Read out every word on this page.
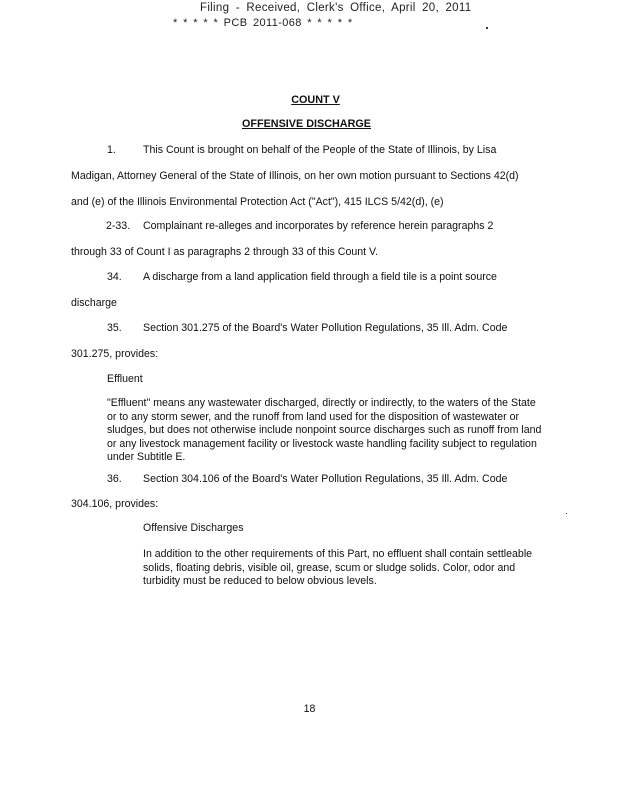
Filing - Received, Clerk's Office, April 20, 2011
* * * * * PCB 2011-068 * * * * *
COUNT V
OFFENSIVE DISCHARGE
1.	This Count is brought on behalf of the People of the State of Illinois, by Lisa
Madigan, Attorney General of the State of Illinois, on her own motion pursuant to Sections 42(d)
and (e) of the Illinois Environmental Protection Act ("Act"), 415 ILCS 5/42(d), (e)
2-33. Complainant re-alleges and incorporates by reference herein paragraphs 2
through 33 of Count I as paragraphs 2 through 33 of this Count V.
34. A discharge from a land application field through a field tile is a point source
discharge
35. Section 301.275 of the Board's Water Pollution Regulations, 35 Ill. Adm. Code
301.275, provides:
Effluent
"Effluent" means any wastewater discharged, directly or indirectly, to the waters of the State or to any storm sewer, and the runoff from land used for the disposition of wastewater or sludges, but does not otherwise include nonpoint source discharges such as runoff from land or any livestock management facility or livestock waste handling facility subject to regulation under Subtitle E.
36. Section 304.106 of the Board's Water Pollution Regulations, 35 Ill. Adm. Code
304.106, provides:
Offensive Discharges
In addition to the other requirements of this Part, no effluent shall contain settleable solids, floating debris, visible oil, grease, scum or sludge solids. Color, odor and turbidity must be reduced to below obvious levels.
18
